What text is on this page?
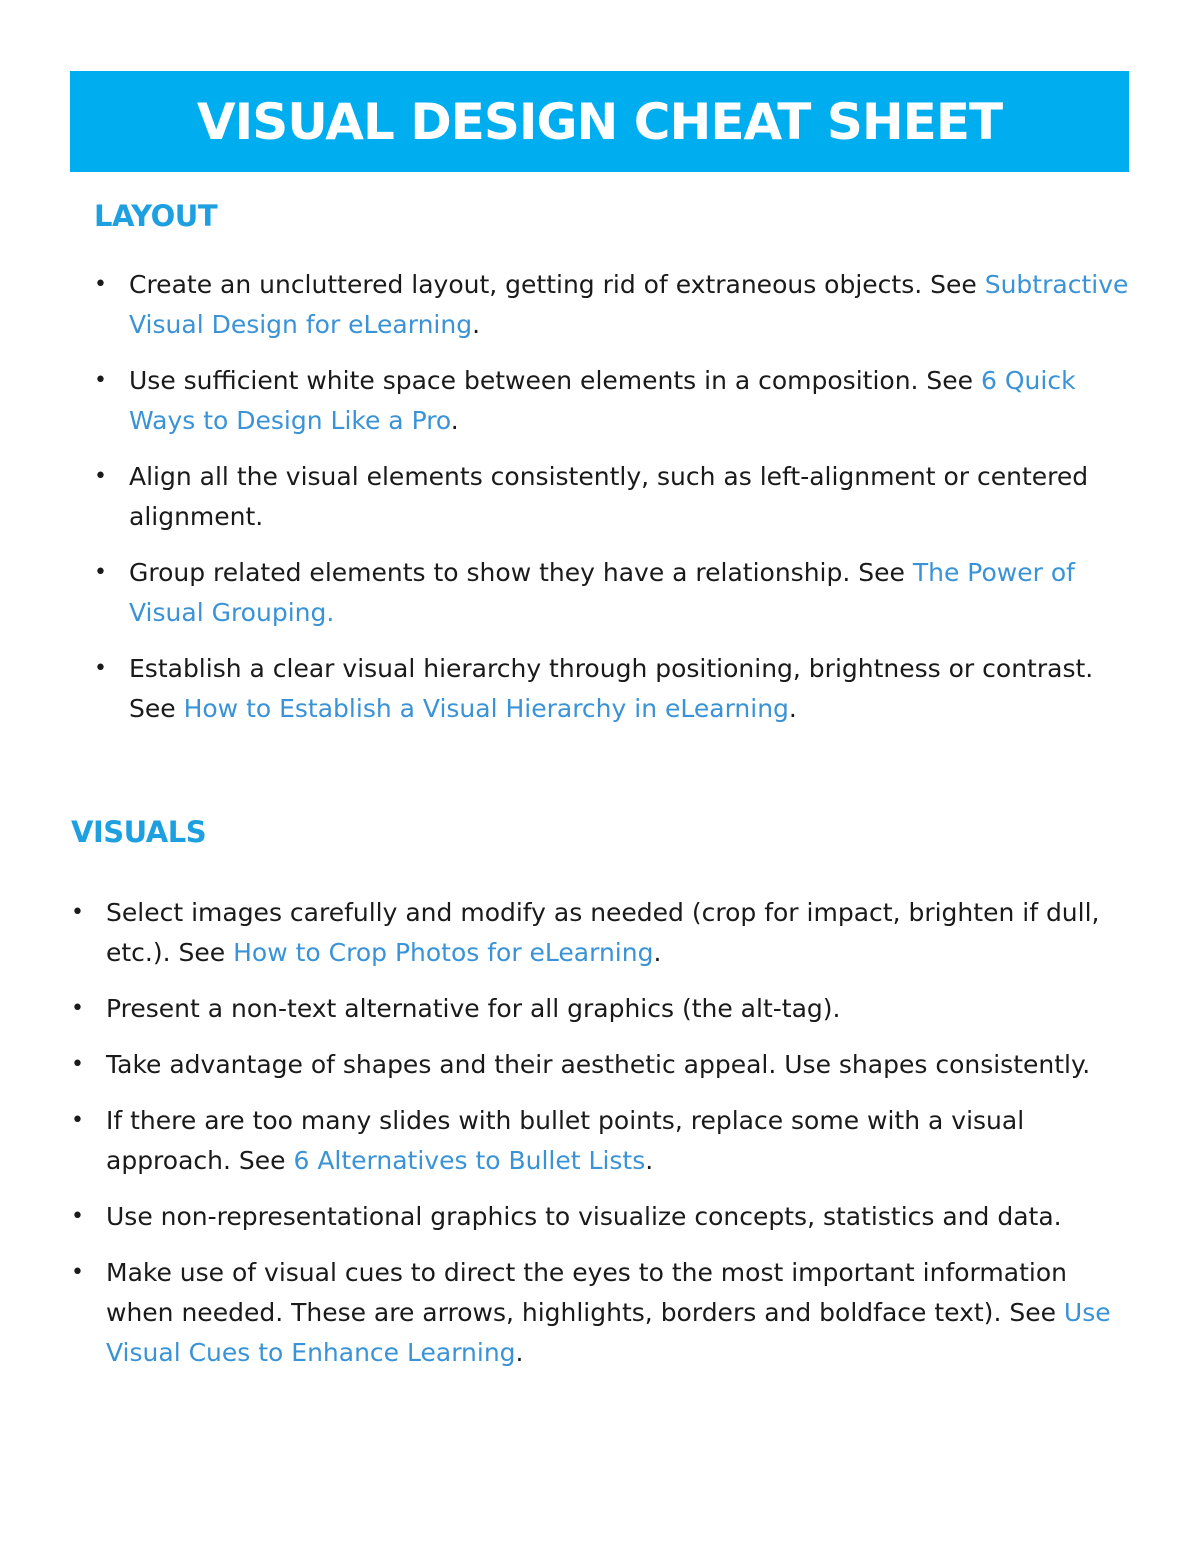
VISUAL DESIGN CHEAT SHEET
LAYOUT
• Create an uncluttered layout, getting rid of extraneous objects. See Subtractive Visual Design for eLearning.
• Use sufficient white space between elements in a composition. See 6 Quick Ways to Design Like a Pro.
• Align all the visual elements consistently, such as left-alignment or centered alignment.
• Group related elements to show they have a relationship. See The Power of Visual Grouping.
• Establish a clear visual hierarchy through positioning, brightness or contrast. See How to Establish a Visual Hierarchy in eLearning.
VISUALS
• Select images carefully and modify as needed (crop for impact, brighten if dull, etc.). See How to Crop Photos for eLearning.
• Present a non-text alternative for all graphics (the alt-tag).
• Take advantage of shapes and their aesthetic appeal. Use shapes consistently.
• If there are too many slides with bullet points, replace some with a visual approach. See 6 Alternatives to Bullet Lists.
• Use non-representational graphics to visualize concepts, statistics and data.
• Make use of visual cues to direct the eyes to the most important information when needed. These are arrows, highlights, borders and boldface text). See Use Visual Cues to Enhance Learning.
